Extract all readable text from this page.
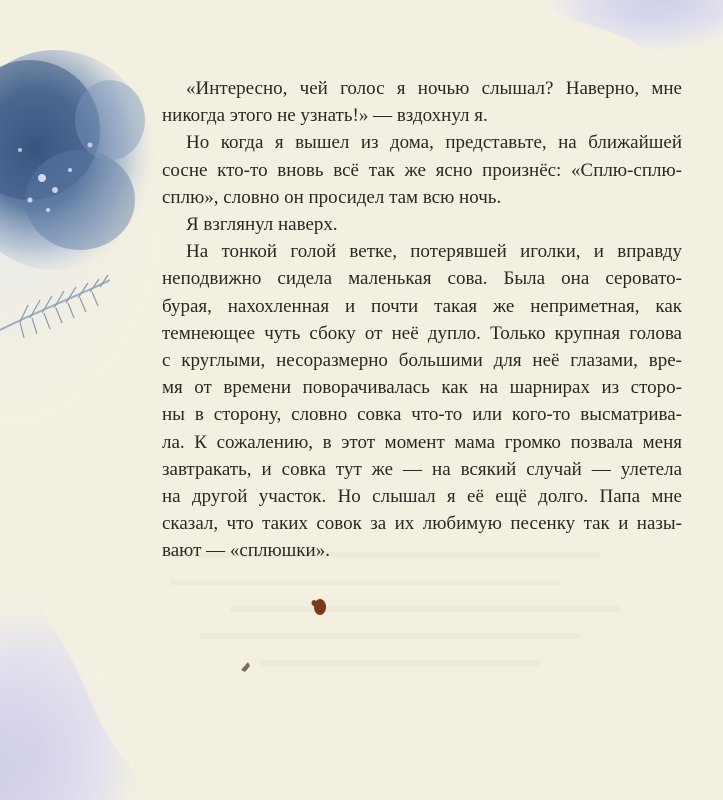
«Интересно, чей голос я ночью слышал? Наверно, мне
никогда этого не узнать!» — вздохнул я.
Но когда я вышел из дома, представьте, на ближайшей
сосне кто-то вновь всё так же ясно произнёс: «Сплю-сплю-
сплю», словно он просидел там всю ночь.
Я взглянул наверх.
На тонкой голой ветке, потерявшей иголки, и вправду
неподвижно сидела маленькая сова. Была она серовато-
бурая, нахохленная и почти такая же неприметная, как
темнеющее чуть сбоку от неё дупло. Только крупная голова
с круглыми, несоразмерно большими для неё глазами, вре-
мя от времени поворачивалась как на шарнирах из сторо-
ны в сторону, словно совка что-то или кого-то высматрива-
ла. К сожалению, в этот момент мама громко позвала меня
завтракать, и совка тут же — на всякий случай — улетела
на другой участок. Но слышал я её ещё долго. Папа мне
сказал, что таких совок за их любимую песенку так и назы-
вают — «сплюшки».
